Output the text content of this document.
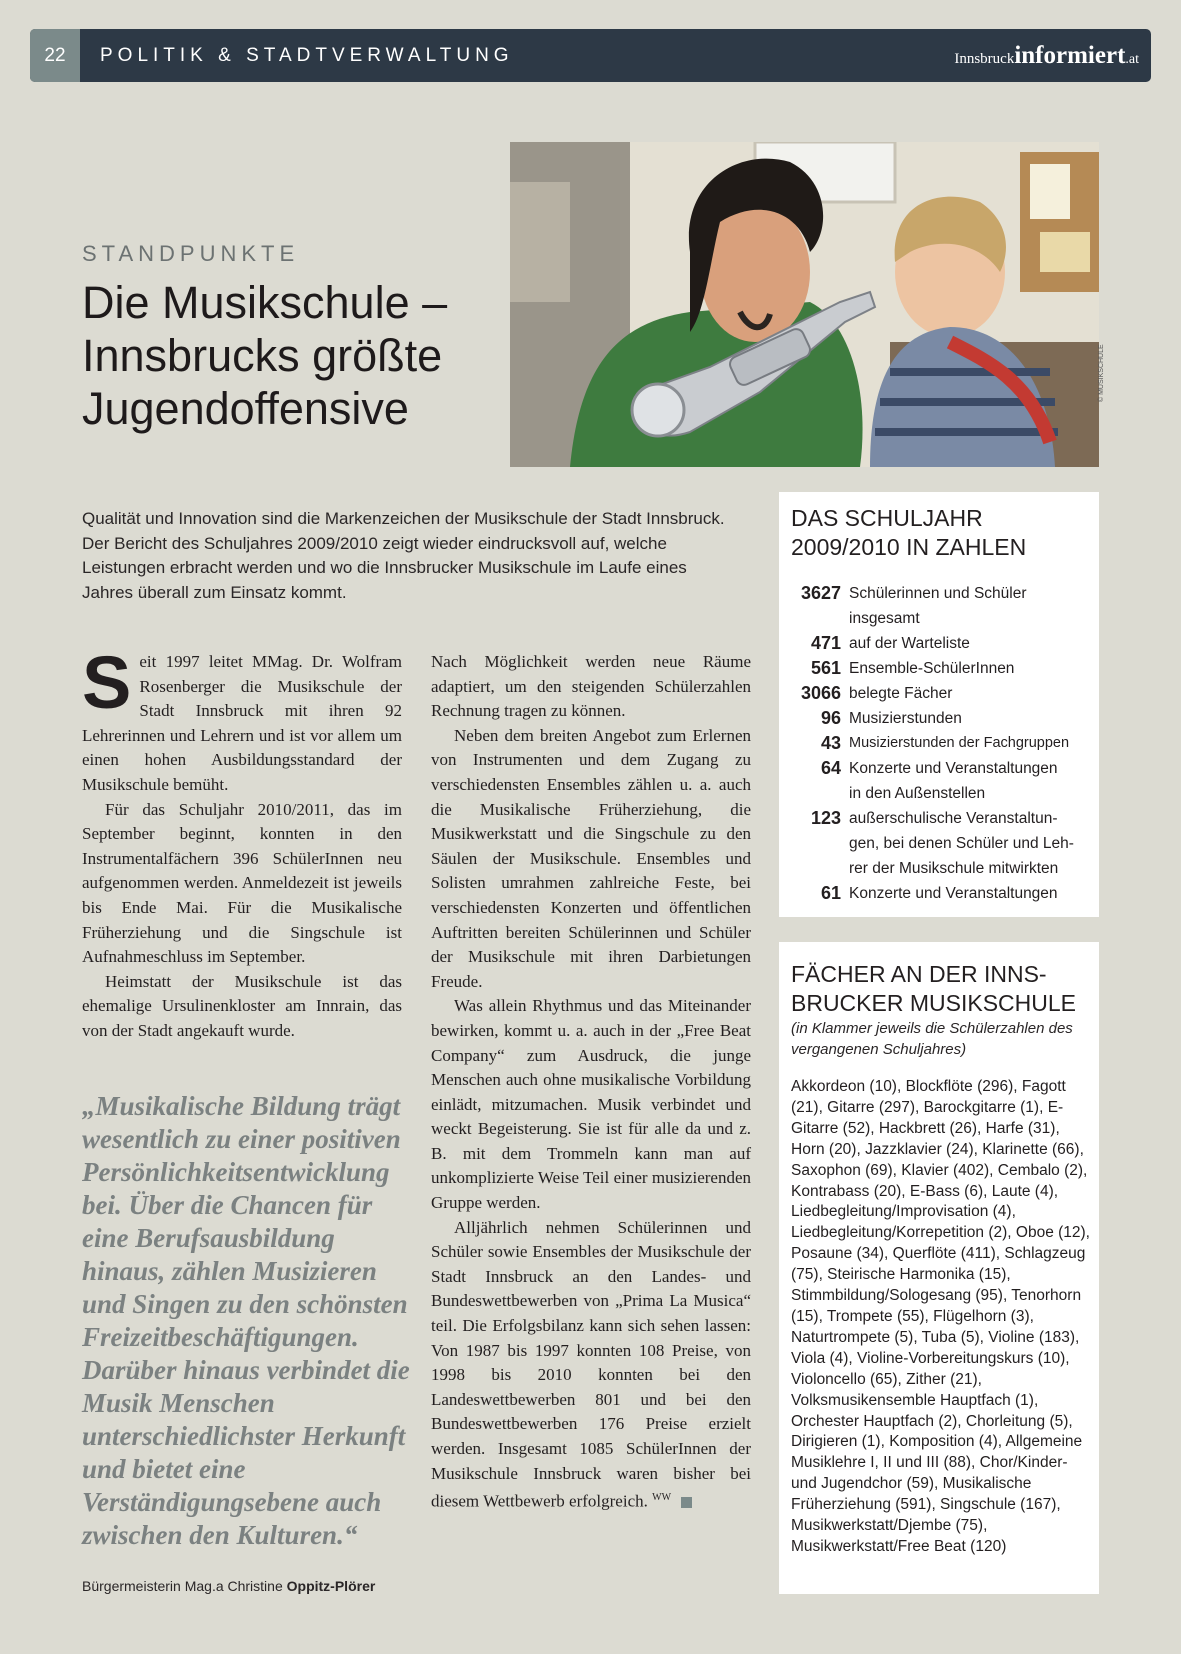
22	POLITIK & STADTVERWALTUNG	Innsbruckinformiert.at
STANDPUNKTE
Die Musikschule –
Innsbrucks größte
Jugendoffensive
© MUSIKSCHULE
Qualität und Innovation sind die Markenzeichen der Musikschule der Stadt Innsbruck. Der Bericht des Schuljahres 2009/2010 zeigt wieder eindrucksvoll auf, welche Leistungen erbracht werden und wo die Innsbrucker Musikschule im Laufe eines Jahres überall zum Einsatz kommt.

Seit 1997 leitet MMag. Dr. Wolfram Rosenberger die Musikschule der Stadt Innsbruck mit ihren 92 Lehrerinnen und Lehrern und ist vor allem um einen hohen Ausbildungsstandard der Musikschule bemüht.

Für das Schuljahr 2010/2011, das im September beginnt, konnten in den Instrumentalfächern 396 SchülerInnen neu aufgenommen werden. Anmeldezeit ist jeweils bis Ende Mai. Für die Musikalische Früherziehung und die Singschule ist Aufnahmeschluss im September.

Heimstatt der Musikschule ist das ehemalige Ursulinenkloster am Innrain, das von der Stadt angekauft wurde.

„Musikalische Bildung trägt wesentlich zu einer positiven Persönlichkeitsentwicklung bei. Über die Chancen für eine Berufsausbildung hinaus, zählen Musizieren und Singen zu den schönsten Freizeitbeschäftigungen. Darüber hinaus verbindet die Musik Menschen unterschiedlichster Herkunft und bietet eine Verständigungsebene auch zwischen den Kulturen.“
Bürgermeisterin Mag.a Christine Oppitz-Plörer

Nach Möglichkeit werden neue Räume adaptiert, um den steigenden Schülerzahlen Rechnung tragen zu können.

Neben dem breiten Angebot zum Erlernen von Instrumenten und dem Zugang zu verschiedensten Ensembles zählen u. a. auch die Musikalische Früherziehung, die Musikwerkstatt und die Singschule zu den Säulen der Musikschule. Ensembles und Solisten umrahmen zahlreiche Feste, bei verschiedensten Konzerten und öffentlichen Auftritten bereiten Schülerinnen und Schüler der Musikschule mit ihren Darbietungen Freude.

Was allein Rhythmus und das Miteinander bewirken, kommt u. a. auch in der „Free Beat Company“ zum Ausdruck, die junge Menschen auch ohne musikalische Vorbildung einlädt, mitzumachen. Musik verbindet und weckt Begeisterung. Sie ist für alle da und z. B. mit dem Trommeln kann man auf unkomplizierte Weise Teil einer musizierenden Gruppe werden.

Alljährlich nehmen Schülerinnen und Schüler sowie Ensembles der Musikschule der Stadt Innsbruck an den Landes- und Bundeswettbewerben von „Prima La Musica“ teil. Die Erfolgsbilanz kann sich sehen lassen: Von 1987 bis 1997 konnten 108 Preise, von 1998 bis 2010 konnten bei den Landeswettbewerben 801 und bei den Bundeswettbewerben 176 Preise erzielt werden. Insgesamt 1085 SchülerInnen der Musikschule Innsbruck waren bisher bei diesem Wettbewerb erfolgreich. $^{WW}$

DAS SCHULJAHR
2009/2010 IN ZAHLEN
3627 Schülerinnen und Schüler
insgesamt
471 auf der Warteliste
561 Ensemble-SchülerInnen
3066 belegte Fächer
96 Musizierstunden
43 Musizierstunden der Fachgruppen
64 Konzerte und Veranstaltungen
in den Außenstellen
123 außerschulische Veranstaltun-
gen, bei denen Schüler und Leh-
rer der Musikschule mitwirkten
61 Konzerte und Veranstaltungen
FÄCHER AN DER INNS-
BRUCKER MUSIKSCHULE
(in Klammer jeweils die Schülerzahlen des vergangenen Schuljahres)
Akkordeon (10), Blockflöte (296), Fagott (21), Gitarre (297), Barockgitarre (1), E-Gitarre (52), Hackbrett (26), Harfe (31), Horn (20), Jazzklavier (24), Klarinette (66), Saxophon (69), Klavier (402), Cembalo (2), Kontrabass (20), E-Bass (6), Laute (4), Liedbegleitung/Improvisation (4), Liedbegleitung/Korrepetition (2), Oboe (12), Posaune (34), Querflöte (411), Schlagzeug (75), Steirische Harmonika (15), Stimmbildung/Sologesang (95), Tenorhorn (15), Trompete (55), Flügelhorn (3), Naturtrompete (5), Tuba (5), Violine (183), Viola (4), Violine-Vorbereitungskurs (10), Violoncello (65), Zither (21), Volksmusikensemble Hauptfach (1), Orchester Hauptfach (2), Chorleitung (5), Dirigieren (1), Komposition (4), Allgemeine Musiklehre I, II und III (88), Chor/Kinder- und Jugendchor (59), Musikalische Früherziehung (591), Singschule (167), Musikwerkstatt/Djembe (75), Musikwerkstatt/Free Beat (120)
